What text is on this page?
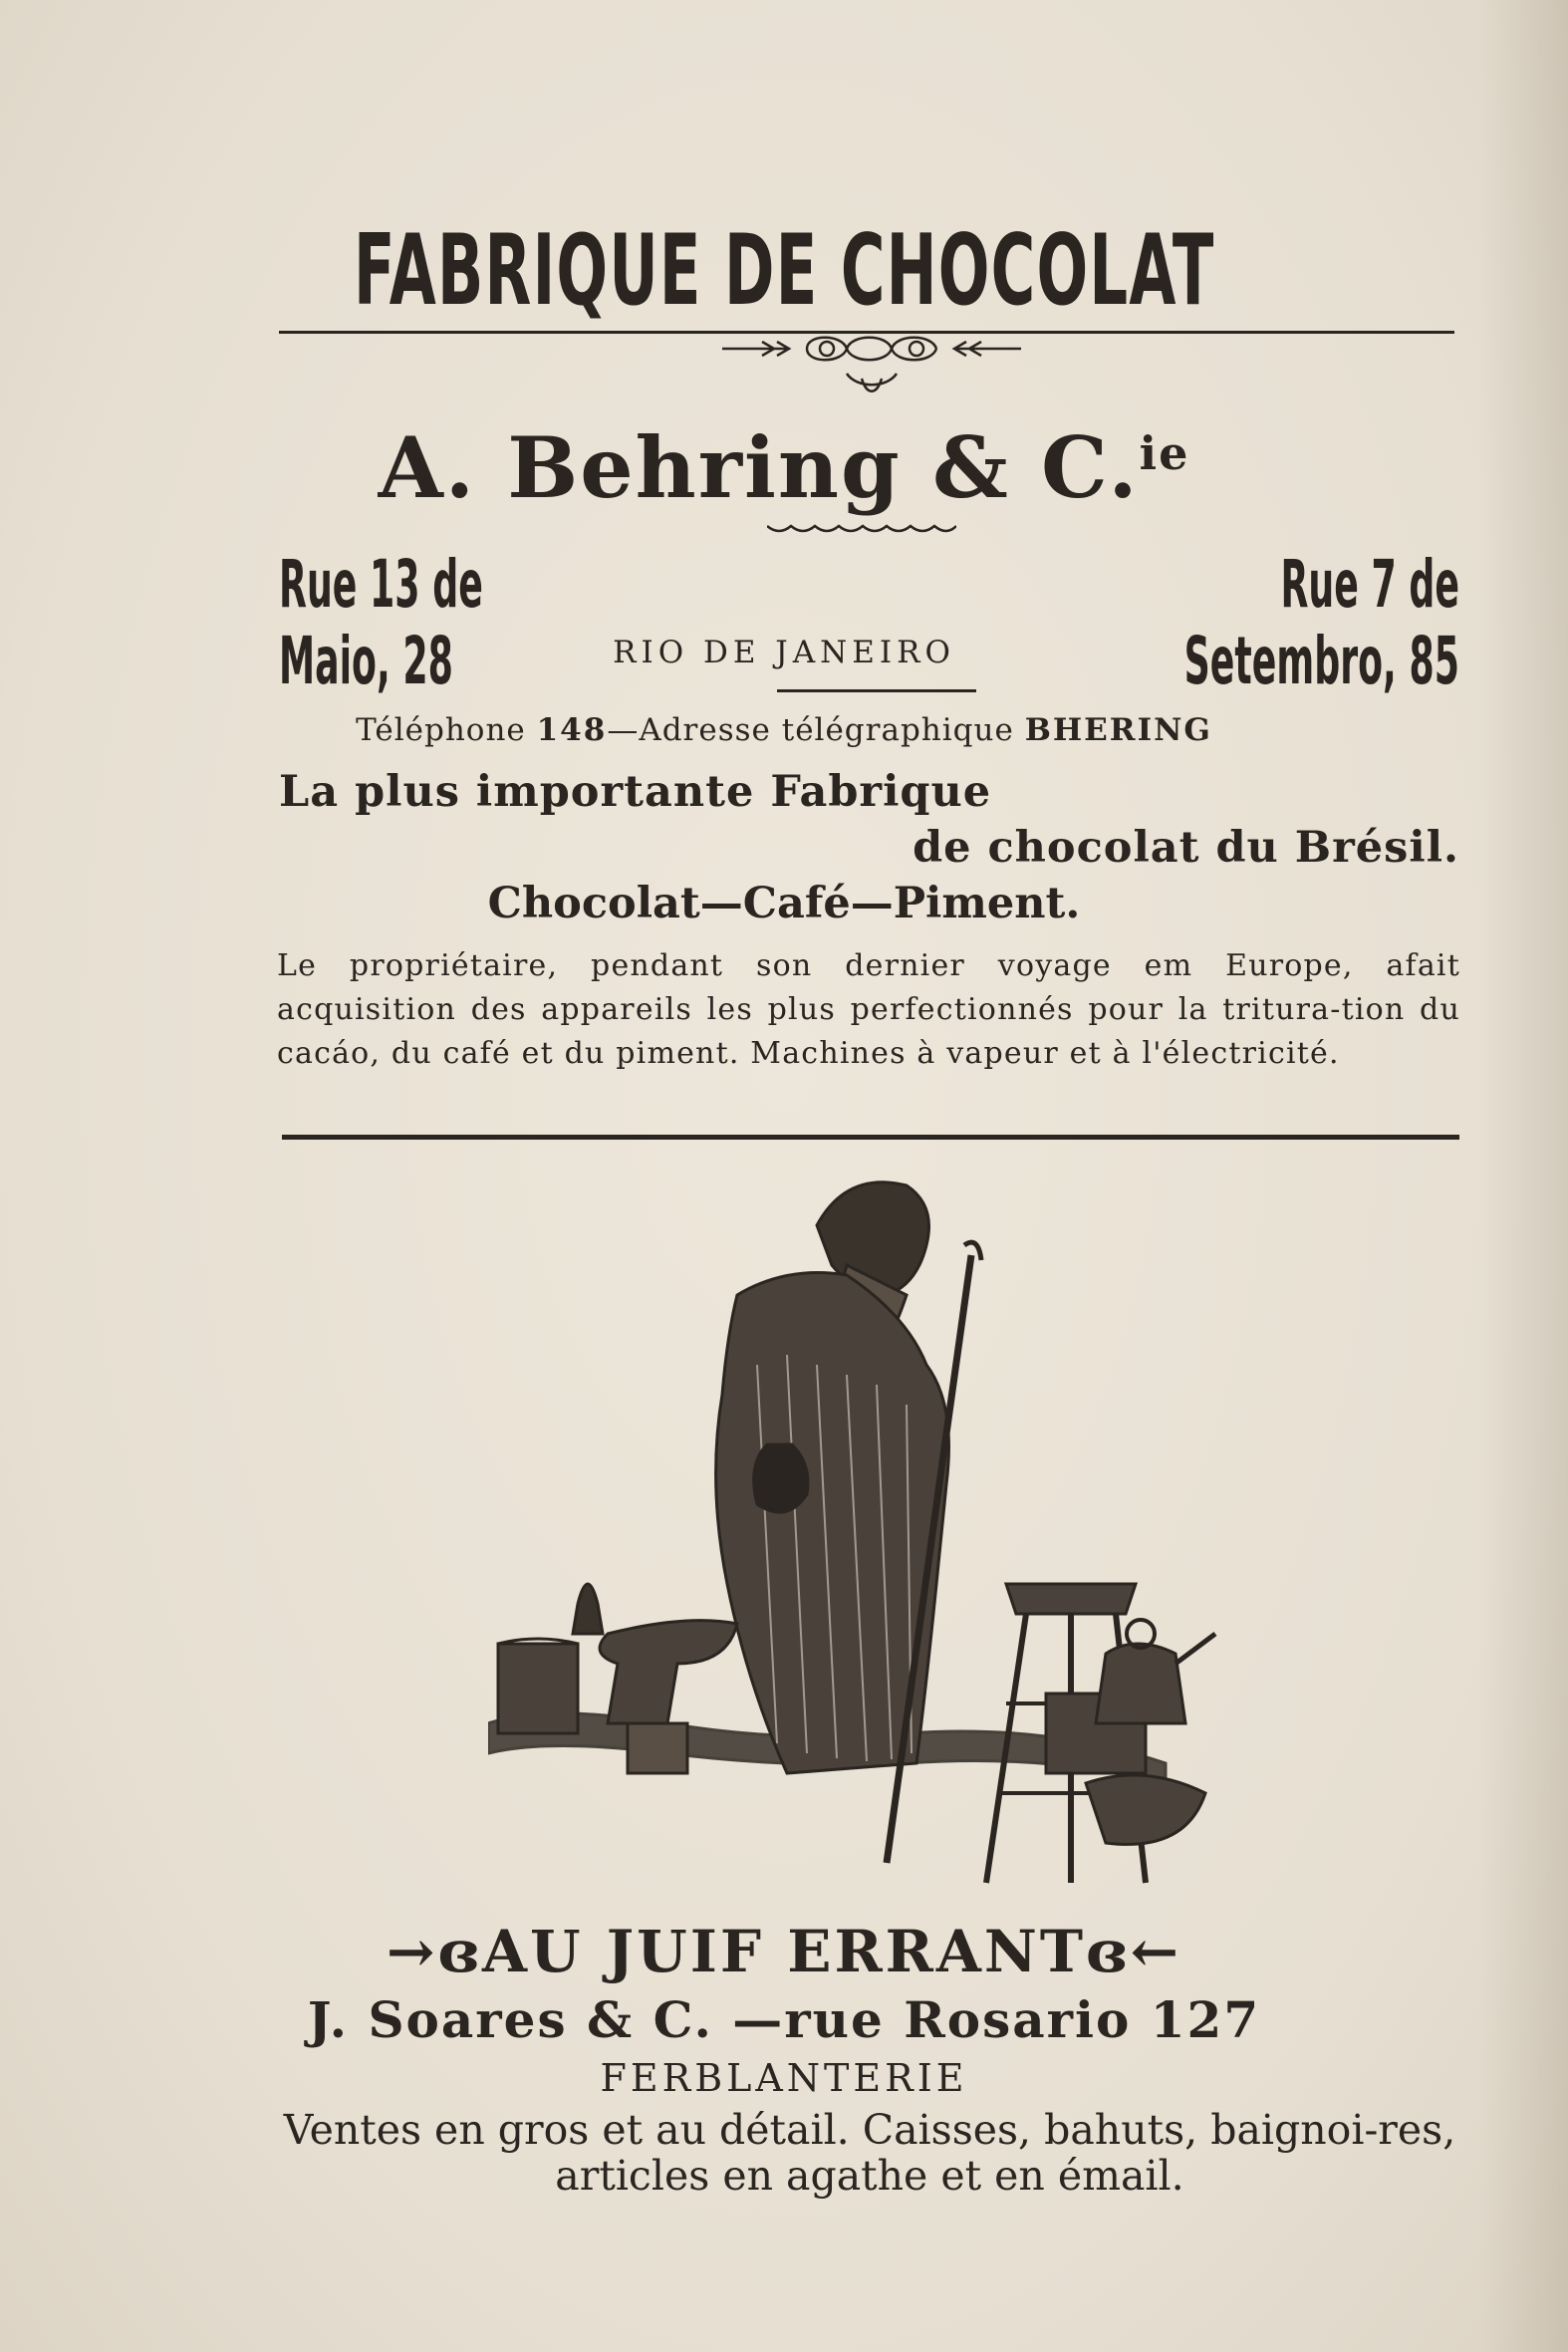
FABRIQUE DE CHOCOLAT
A. Behring & C.$^{ie}$
Rue 13 de Maio, 28
Rue 7 de Setembro, 85
RIO DE JANEIRO
Téléphone 148—Adresse télégraphique BHERING
La plus importante Fabrique
de chocolat du Brésil.
Chocolat—Café—Piment.
Le propriétaire, pendant son dernier voyage em Europe, afait acquisition des appareils les plus perfectionnés pour la tritura-tion du cacáo, du café et du piment. Machines à vapeur et à l'électricité.
→ɞAU JUIF ERRANTɞ←
J. Soares & C. —rue Rosario 127
FERBLANTERIE
Ventes en gros et au détail. Caisses, bahuts, baignoi-res, articles en agathe et en émail.
